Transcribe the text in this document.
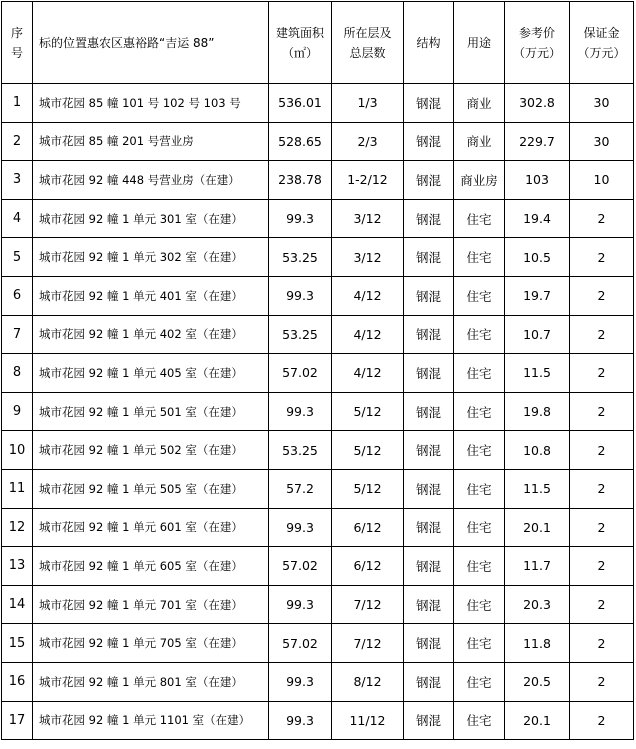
序号	标的位置惠农区惠裕路“吉运 88”	建筑面积（㎡）	所在层及总层数	结构	用途	参考价（万元）	保证金（万元）
1	城市花园 85 幢 101 号 102 号 103 号	536.01	1/3	钢混	商业	302.8	30
2	城市花园 85 幢 201 号营业房	528.65	2/3	钢混	商业	229.7	30
3	城市花园 92 幢 448 号营业房（在建）	238.78	1-2/12	钢混	商业房	103	10
4	城市花园 92 幢 1 单元 301 室（在建）	99.3	3/12	钢混	住宅	19.4	2
5	城市花园 92 幢 1 单元 302 室（在建）	53.25	3/12	钢混	住宅	10.5	2
6	城市花园 92 幢 1 单元 401 室（在建）	99.3	4/12	钢混	住宅	19.7	2
7	城市花园 92 幢 1 单元 402 室（在建）	53.25	4/12	钢混	住宅	10.7	2
8	城市花园 92 幢 1 单元 405 室（在建）	57.02	4/12	钢混	住宅	11.5	2
9	城市花园 92 幢 1 单元 501 室（在建）	99.3	5/12	钢混	住宅	19.8	2
10	城市花园 92 幢 1 单元 502 室（在建）	53.25	5/12	钢混	住宅	10.8	2
11	城市花园 92 幢 1 单元 505 室（在建）	57.2	5/12	钢混	住宅	11.5	2
12	城市花园 92 幢 1 单元 601 室（在建）	99.3	6/12	钢混	住宅	20.1	2
13	城市花园 92 幢 1 单元 605 室（在建）	57.02	6/12	钢混	住宅	11.7	2
14	城市花园 92 幢 1 单元 701 室（在建）	99.3	7/12	钢混	住宅	20.3	2
15	城市花园 92 幢 1 单元 705 室（在建）	57.02	7/12	钢混	住宅	11.8	2
16	城市花园 92 幢 1 单元 801 室（在建）	99.3	8/12	钢混	住宅	20.5	2
17	城市花园 92 幢 1 单元 1101 室（在建）	99.3	11/12	钢混	住宅	20.1	2
